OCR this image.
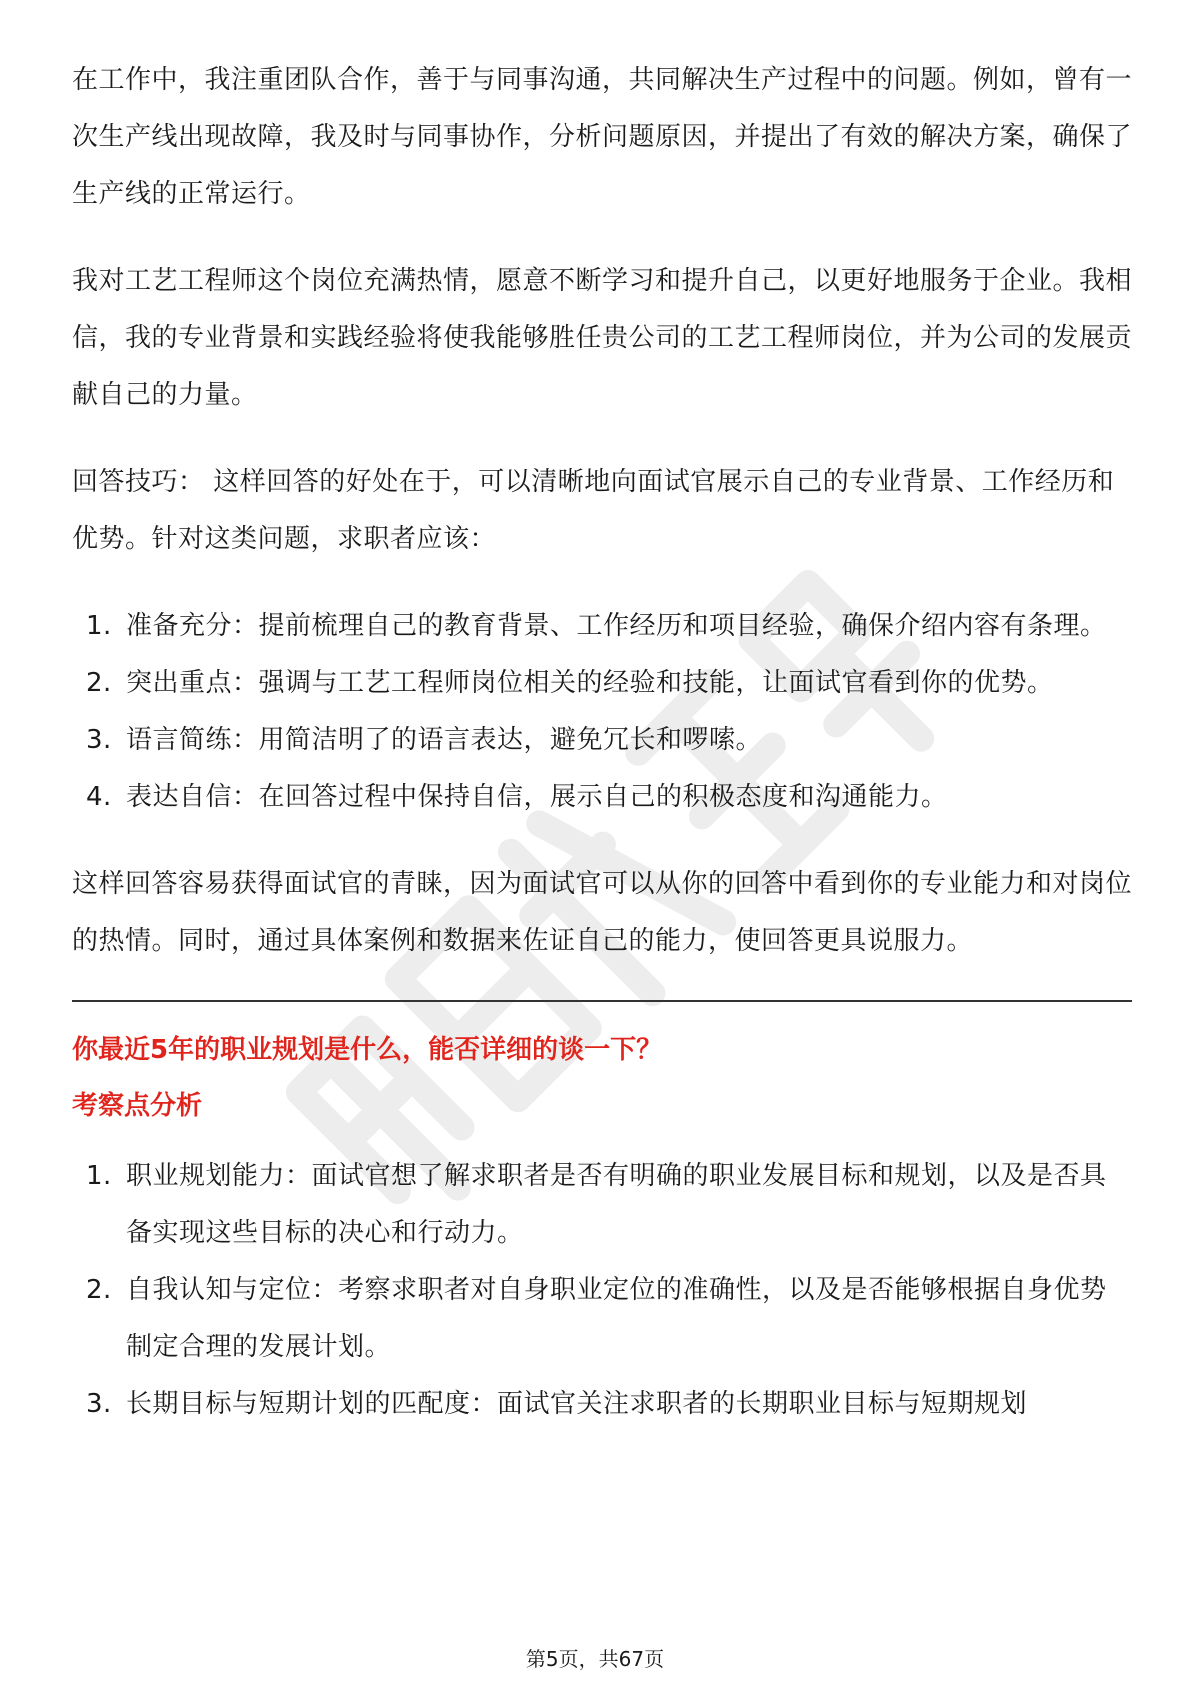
在工作中，我注重团队合作，善于与同事沟通，共同解决生产过程中的问题。例如，曾有一次生产线出现故障，我及时与同事协作，分析问题原因，并提出了有效的解决方案，确保了生产线的正常运行。

我对工艺工程师这个岗位充满热情，愿意不断学习和提升自己，以更好地服务于企业。我相信，我的专业背景和实践经验将使我能够胜任贵公司的工艺工程师岗位，并为公司的发展贡献自己的力量。

回答技巧： 这样回答的好处在于，可以清晰地向面试官展示自己的专业背景、工作经历和优势。针对这类问题，求职者应该：

1. 准备充分：提前梳理自己的教育背景、工作经历和项目经验，确保介绍内容有条理。
2. 突出重点：强调与工艺工程师岗位相关的经验和技能，让面试官看到你的优势。
3. 语言简练：用简洁明了的语言表达，避免冗长和啰嗦。
4. 表达自信：在回答过程中保持自信，展示自己的积极态度和沟通能力。

这样回答容易获得面试官的青睐，因为面试官可以从你的回答中看到你的专业能力和对岗位的热情。同时，通过具体案例和数据来佐证自己的能力，使回答更具说服力。

你最近5年的职业规划是什么，能否详细的谈一下？

考察点分析

1. 职业规划能力：面试官想了解求职者是否有明确的职业发展目标和规划，以及是否具备实现这些目标的决心和行动力。
2. 自我认知与定位：考察求职者对自身职业定位的准确性，以及是否能够根据自身优势制定合理的发展计划。
3. 长期目标与短期计划的匹配度：面试官关注求职者的长期职业目标与短期规划
第5页，共67页
